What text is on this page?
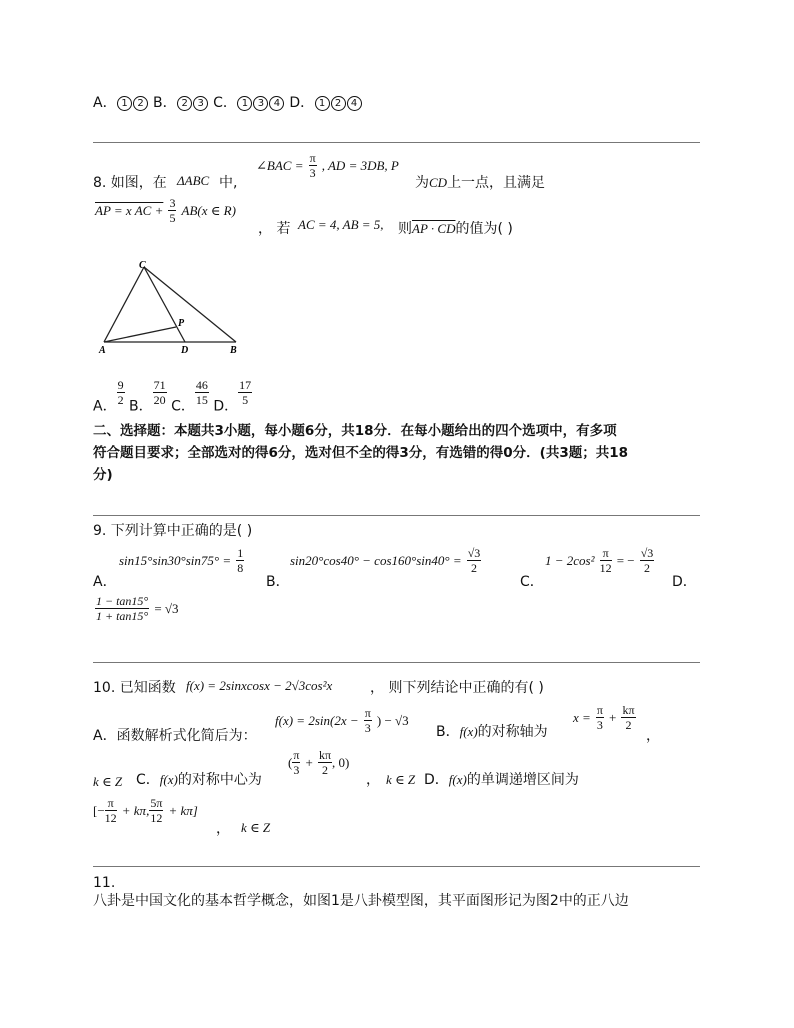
A． 1 2 B． 2 3 C． 1 3 4 D． 1 2 4
8. 如图，在 ΔABC 中,
∠BAC = $\frac{\pi}{3}$ , AD = 3DB, P
为CD上一点，且满足
AP = x AC + $\frac{3}{5} AB(x$ ∈ R)
， 若 AC = 4, AB = 5, 则AP · CD的值为( )
C
P
A	D	B
A． $\frac{9}{2}$ B． $\frac{71}{20}$ C． $\frac{46}{15}$ D． $\frac{17}{5}$
二、选择题：本题共3小题，每小题6分，共18分．在每小题给出的四个选项中，有多项
符合题目要求；全部选对的得6分，选对但不全的得3分，有选错的得0分．(共3题；共18
分)
9. 下列计算中正确的是( )
$\sin 15^\circ\sin 30^\circ\sin 75^\circ = \frac{1}{8}$
A．	B．
$\sin 20^\circ\cos 40^\circ - \cos 160^\circ\sin 40^\circ = \frac{√3}{2}$
C．
$1 - 2\cos^2 \frac{\pi}{12}$ = − $\frac{√3}{2}$
D．
$\frac{1 - \tan 15^\circ}{1 + \tan 15^\circ} = √3$
10. 已知函数 f(x) = 2sinxcosx − 2√3cos²x	， 则下列结论中正确的有( )
A．函数解析式化简后为：
$f(x) = 2\sin(2x - \frac{\pi}{3}$ ) − √3
B．f(x)的对称轴为
$x = \frac{\pi}{3} + \frac{k\pi}{2}$
，
k ∈ Z C．f(x)的对称中心为
( $\frac{\pi}{3} + \frac{k\pi}{2}$ , 0)
， k ∈ Z D．f(x)的单调递增区间为
[− $\frac{\pi}{12} + k\pi$, $\frac{5\pi}{12} + k\pi$]
， k ∈ Z
11.
八卦是中国文化的基本哲学概念，如图1是八卦模型图，其平面图形记为图2中的正八边
